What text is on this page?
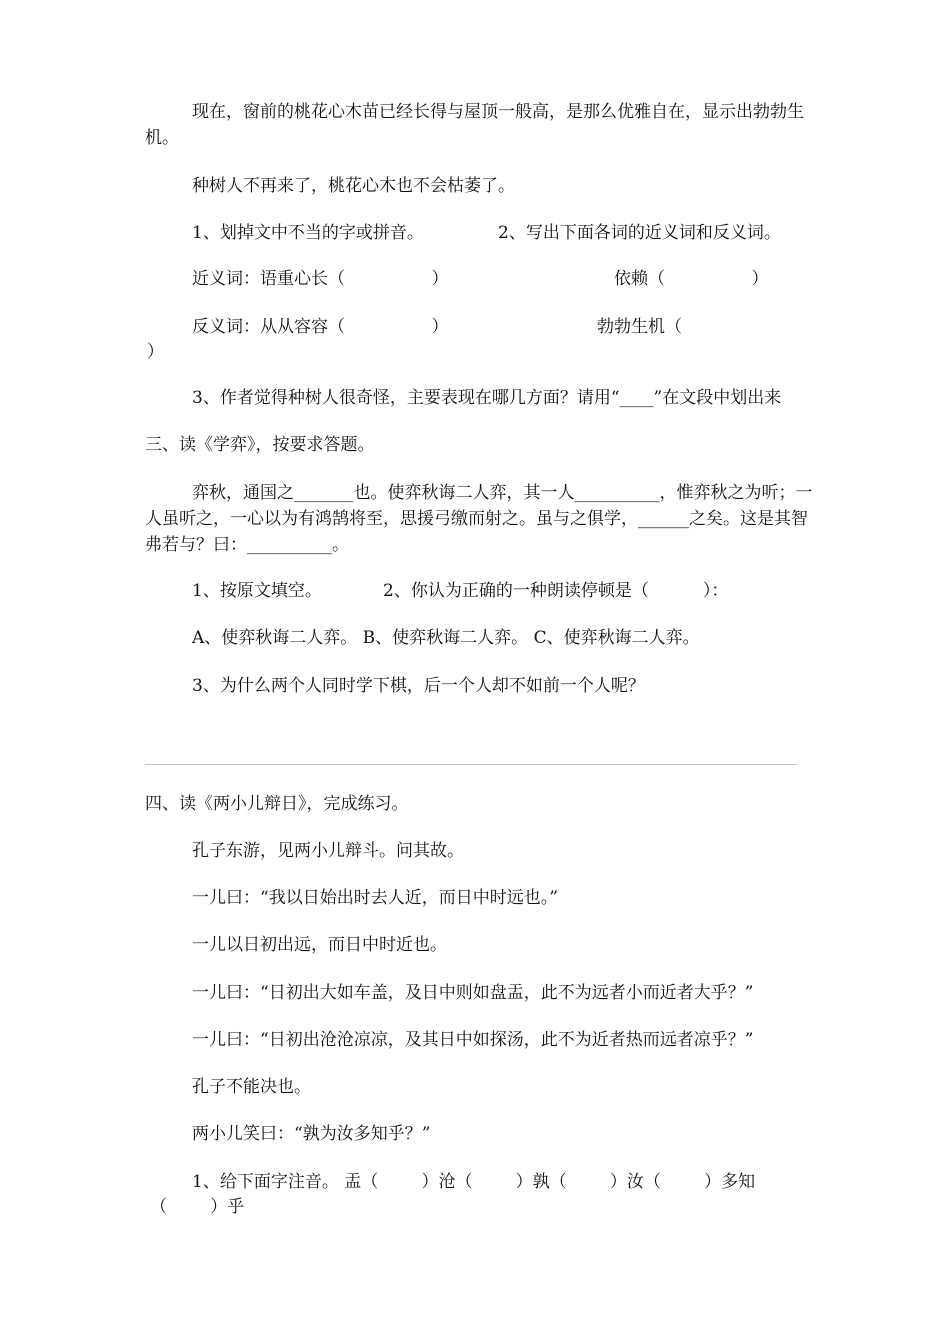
现在，窗前的桃花心木苗已经长得与屋顶一般高，是那么优雅自在，显示出勃勃生
机。
种树人不再来了，桃花心木也不会枯萎了。
1、划掉文中不当的字或拼音。	2、写出下面各词的近义词和反义词。
近义词：语重心长（                ）	依赖（                ）
反义词：从从容容（                ）	勃勃生机（
）
3、作者觉得种树人很奇怪，主要表现在哪几方面？请用“____”在文段中划出来
三、读《学弈》，按要求答题。
弈秋，通国之_______也。使弈秋诲二人弈，其一人__________，惟弈秋之为听；一
人虽听之，一心以为有鸿鹄将至，思援弓缴而射之。虽与之俱学，______之矣。这是其智
弗若与？曰：__________。
1、按原文填空。	2、你认为正确的一种朗读停顿是（          ）：
A、使弈秋诲二人弈。 B、使弈秋诲二人弈。 C、使弈秋诲二人弈。
3、为什么两个人同时学下棋，后一个人却不如前一个人呢？
四、读《两小儿辩日》，完成练习。
孔子东游，见两小儿辩斗。问其故。
一儿曰：“我以日始出时去人近，而日中时远也。”
一儿以日初出远，而日中时近也。
一儿曰：“日初出大如车盖，及日中则如盘盂，此不为远者小而近者大乎？”
一儿曰：“日初出沧沧凉凉，及其日中如探汤，此不为近者热而远者凉乎？”
孔子不能决也。
两小儿笑曰：“孰为汝多知乎？”
1、给下面字注音。 盂（        ）沧（        ）孰（        ）汝（        ）多知
（        ）乎
